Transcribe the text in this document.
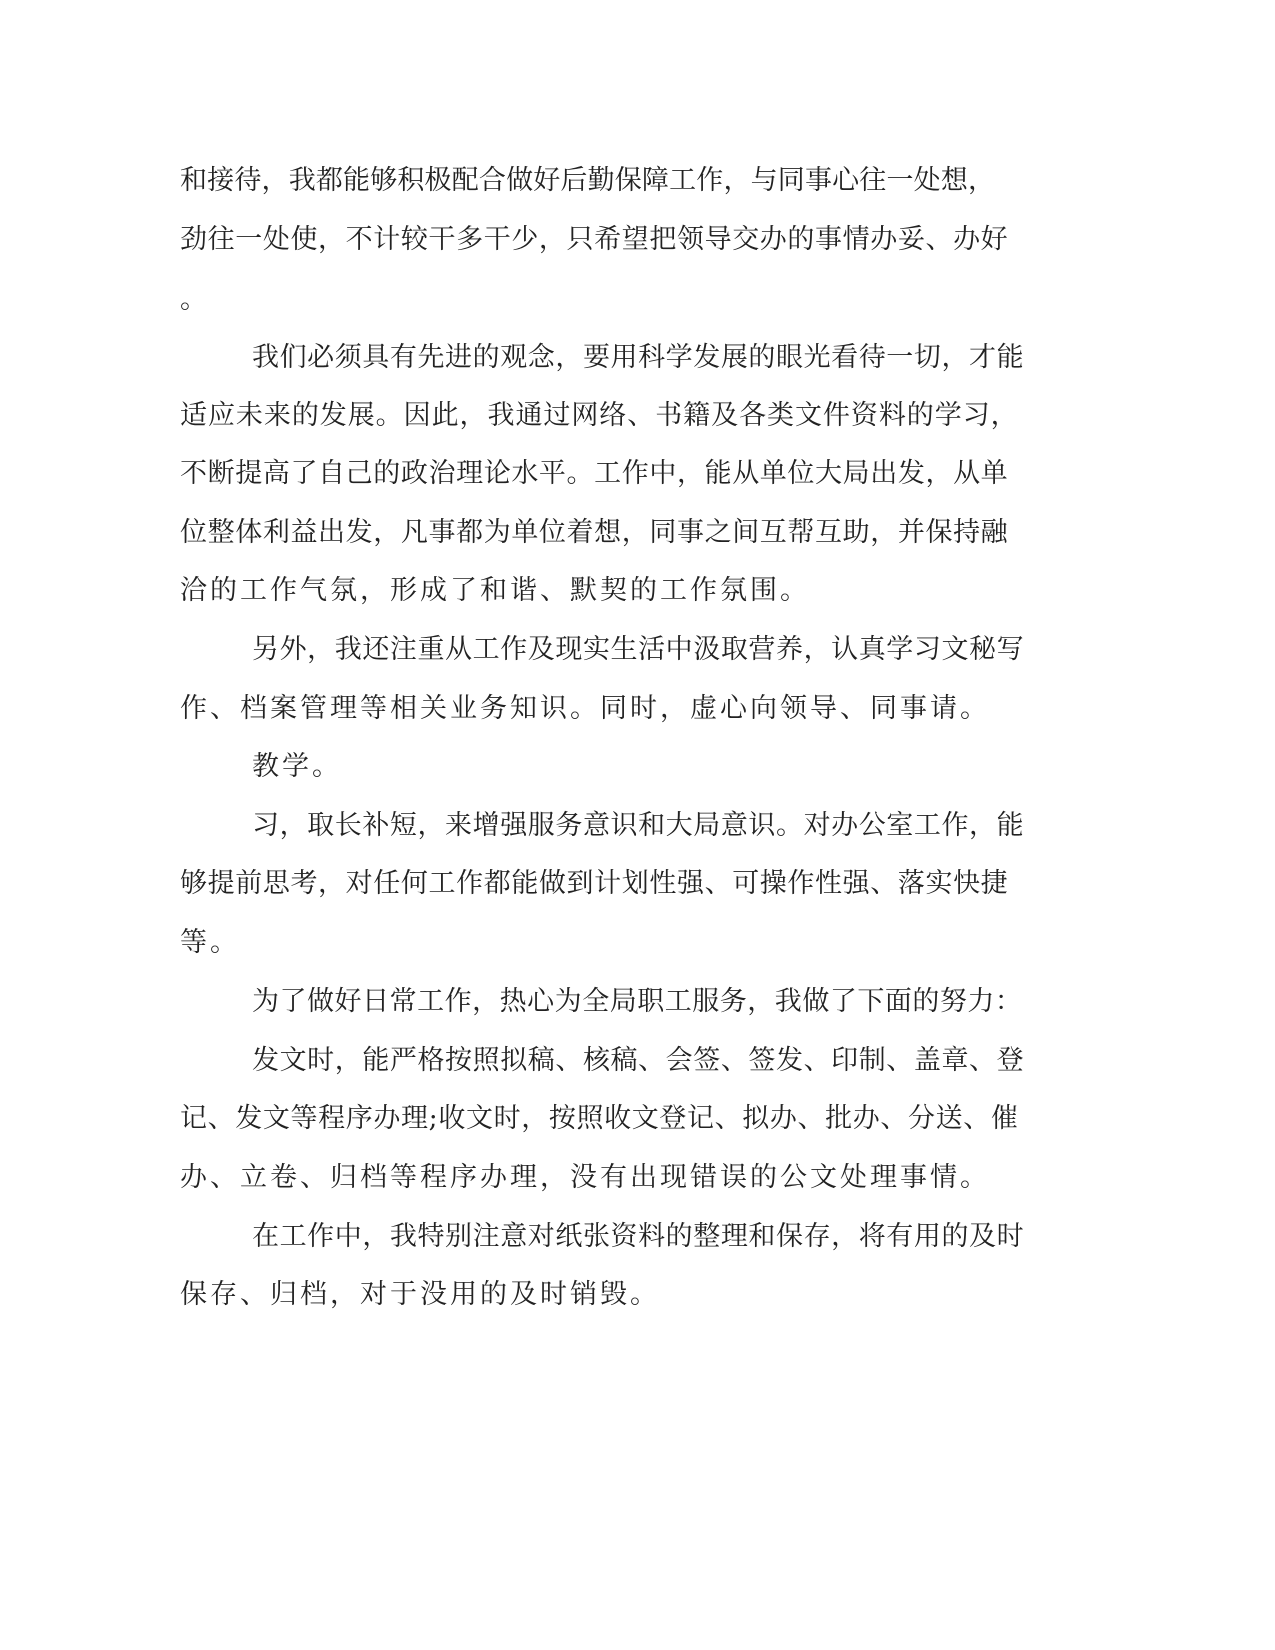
和 接 待 ， 我 都 能 够 积 极 配 合 做 好 后 勤 保 障 工 作 ， 与 同 事 心 往 一 处 想 ，
劲 往 一 处 使 ， 不 计 较 干 多 干 少 ， 只 希 望 把 领 导 交 办 的 事 情 办 妥 、 办 好
。
我 们 必 须 具 有 先 进 的 观 念 ， 要 用 科 学 发 展 的 眼 光 看 待 一 切 ， 才 能
适 应 未 来 的 发 展 。 因 此 ， 我 通 过 网 络 、 书 籍 及 各 类 文 件 资 料 的 学 习 ，
不 断 提 高 了 自 己 的 政 治 理 论 水 平 。 工 作 中 ， 能 从 单 位 大 局 出 发 ， 从 单
位 整 体 利 益 出 发 ， 凡 事 都 为 单 位 着 想 ， 同 事 之 间 互 帮 互 助 ， 并 保 持 融
洽的工作气氛，形成了和谐、默契的工作氛围。
另 外 ， 我 还 注 重 从 工 作 及 现 实 生 活 中 汲 取 营 养 ， 认 真 学 习 文 秘 写
作、档案管理等相关业务知识。同时，虚心向领导、同事请。
教学。
习 ， 取 长 补 短 ， 来 增 强 服 务 意 识 和 大 局 意 识 。 对 办 公 室 工 作 ， 能
够 提 前 思 考 ， 对 任 何 工 作 都 能 做 到 计 划 性 强 、 可 操 作 性 强 、 落 实 快 捷
等。
为 了 做 好 日 常 工 作 ， 热 心 为 全 局 职 工 服 务 ， 我 做 了 下 面 的 努 力 ：
发 文 时 ， 能 严 格 按 照 拟 稿 、 核 稿 、 会 签 、 签 发 、 印 制 、 盖 章 、 登
记 、 发 文 等 程 序 办 理 ; 收 文 时 ， 按 照 收 文 登 记 、 拟 办 、 批 办 、 分 送 、 催
办、立卷、归档等程序办理，没有出现错误的公文处理事情。
在 工 作 中 ， 我 特 别 注 意 对 纸 张 资 料 的 整 理 和 保 存 ， 将 有 用 的 及 时
保存、归档，对于没用的及时销毁。
